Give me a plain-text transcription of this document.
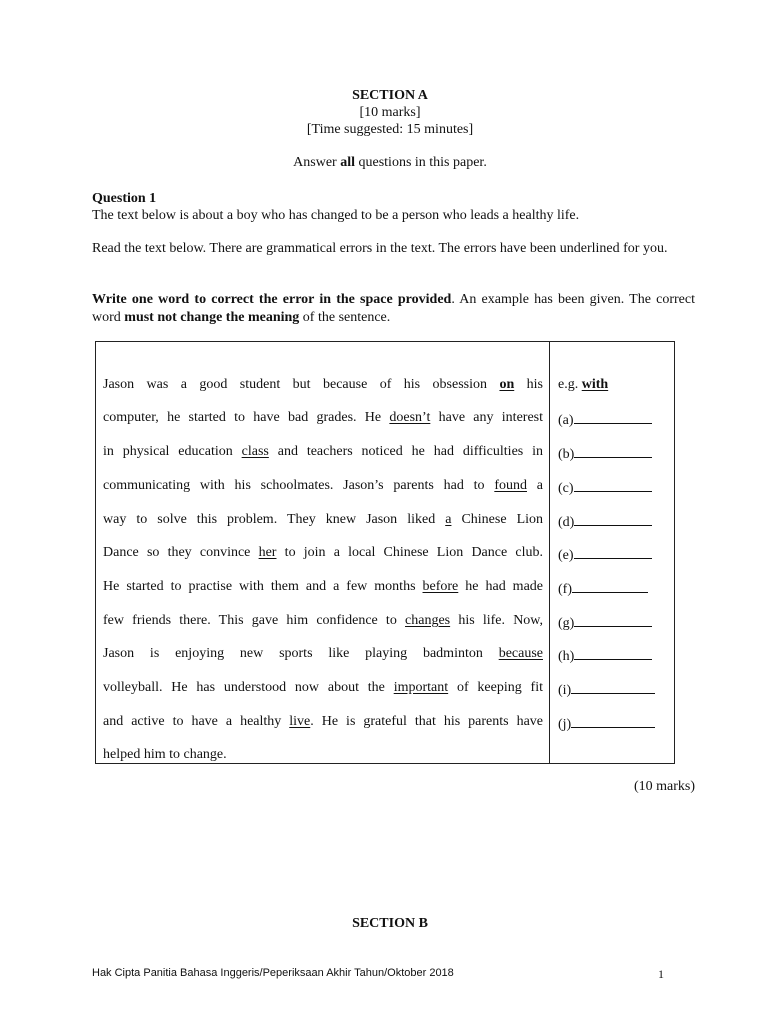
SECTION A
[10 marks]
[Time suggested: 15 minutes]
Answer all questions in this paper.
Question 1
The text below is about a boy who has changed to be a person who leads a healthy life.
Read the text below. There are grammatical errors in the text. The errors have been underlined for you.
Write one word to correct the error in the space provided. An example has been given. The correct word must not change the meaning of the sentence.
Jason was a good student but because of his obsession on his
computer, he started to have bad grades. He doesn’t have any interest
in physical education class and teachers noticed he had difficulties in
communicating with his schoolmates. Jason’s parents had to found a
way to solve this problem. They knew Jason liked a Chinese Lion
Dance so they convince her to join a local Chinese Lion Dance club.
He started to practise with them and a few months before he had made
few friends there. This gave him confidence to changes his life. Now,
Jason is enjoying new sports like playing badminton because
volleyball. He has understood now about the important of keeping fit
and active to have a healthy live. He is grateful that his parents have
helped him to change.
e.g. with
(a)
(b)
(c)
(d)
(e)
(f)
(g)
(h)
(i)
(j)
(10 marks)
SECTION B
Hak Cipta Panitia Bahasa Inggeris/Peperiksaan Akhir Tahun/Oktober 2018	1
